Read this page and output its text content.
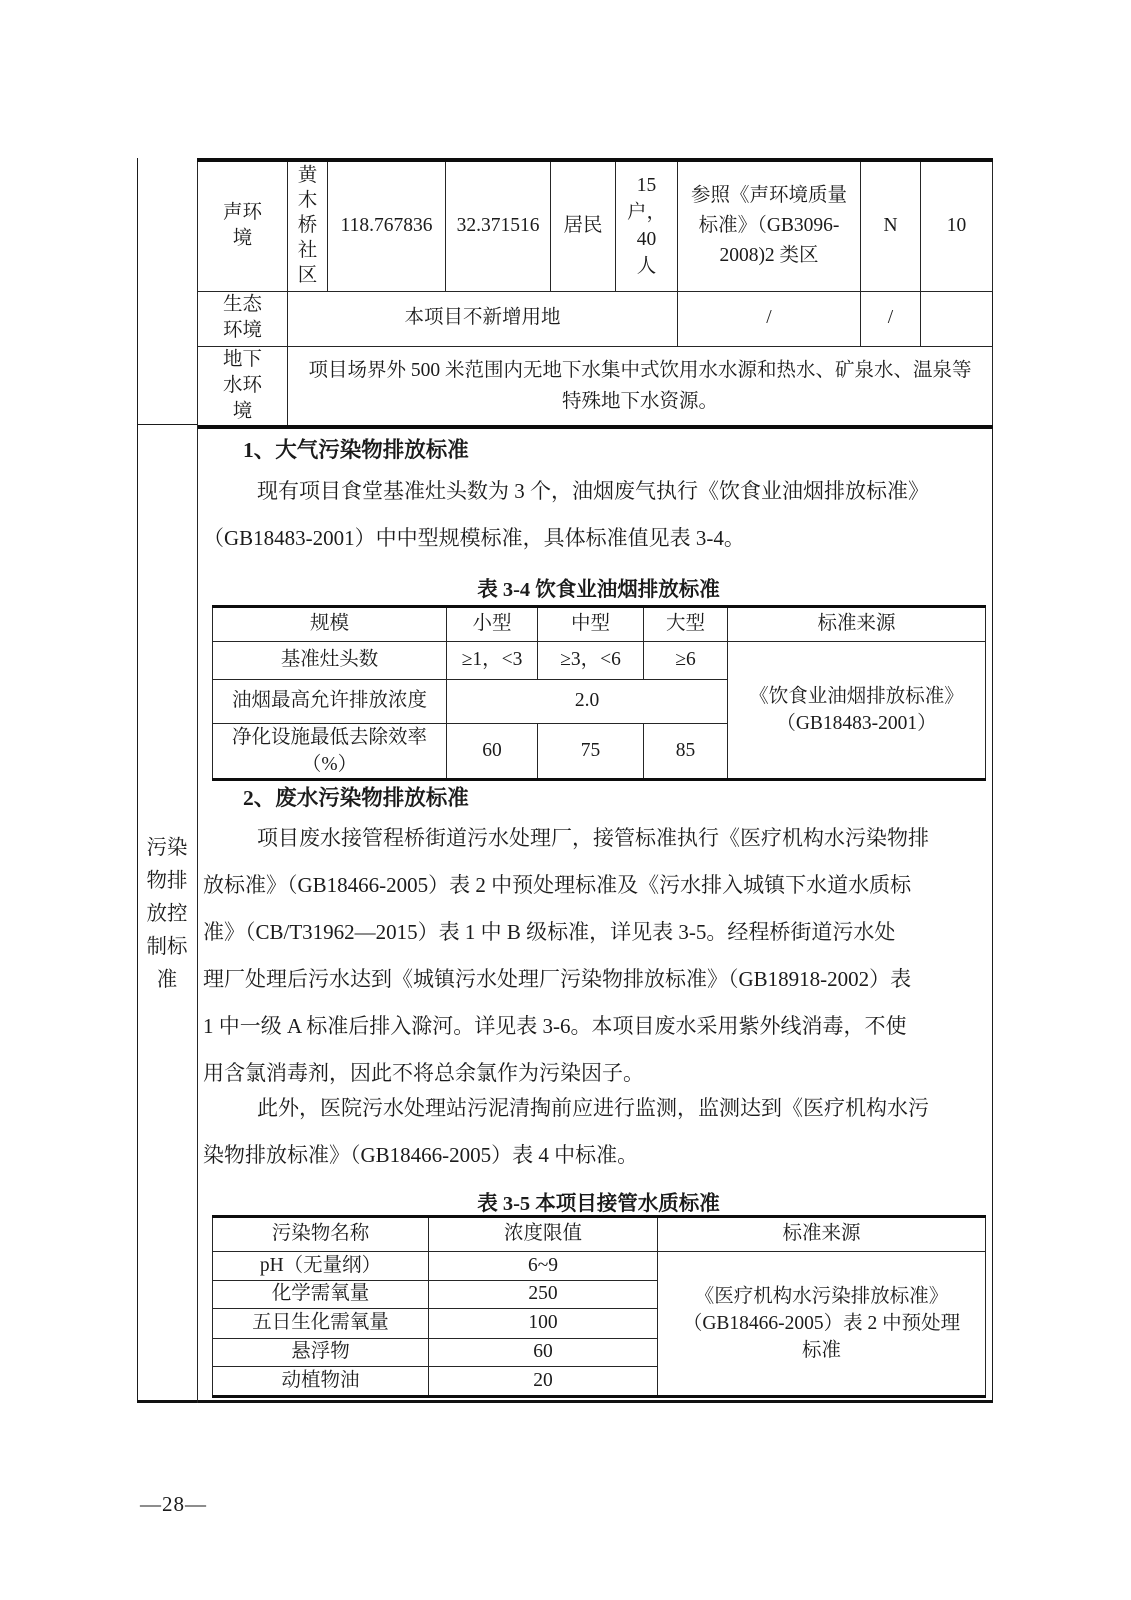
声环境	黄木桥社区	118.767836	32.371516	居民	15 户，40 人	参照《声环境质量标准》（GB3096-2008)2 类区	N	10
生态环境	本项目不新增用地					/	/
地下水环境	项目场界外 500 米范围内无地下水集中式饮用水水源和热水、矿泉水、温泉等特殊地下水资源。							
污染物排放控制标准
1、大气污染物排放标准
现有项目食堂基准灶头数为 3 个，油烟废气执行《饮食业油烟排放标准》
（GB18483-2001）中中型规模标准，具体标准值见表 3-4。
表 3-4 饮食业油烟排放标准
规模	小型	中型	大型	标准来源
基准灶头数	≥1，<3	≥3，<6	≥6	《饮食业油烟排放标准》（GB18483-2001）
油烟最高允许排放浓度	2.0			
净化设施最低去除效率（%）	60	75	85	
2、废水污染物排放标准
项目废水接管程桥街道污水处理厂，接管标准执行《医疗机构水污染物排
放标准》（GB18466-2005）表 2 中预处理标准及《污水排入城镇下水道水质标
准》（CB/T31962—2015）表 1 中 B 级标准，详见表 3-5。经程桥街道污水处
理厂处理后污水达到《城镇污水处理厂污染物排放标准》（GB18918-2002）表
1 中一级 A 标准后排入滁河。详见表 3-6。本项目废水采用紫外线消毒，不使
用含氯消毒剂，因此不将总余氯作为污染因子。
此外，医院污水处理站污泥清掏前应进行监测，监测达到《医疗机构水污
染物排放标准》（GB18466-2005）表 4 中标准。
表 3-5 本项目接管水质标准
污染物名称	浓度限值	标准来源
pH（无量纲）	6~9	《医疗机构水污染排放标准》（GB18466-2005）表 2 中预处理标准
化学需氧量	250	
五日生化需氧量	100	
悬浮物	60	
动植物油	20	
—28—
